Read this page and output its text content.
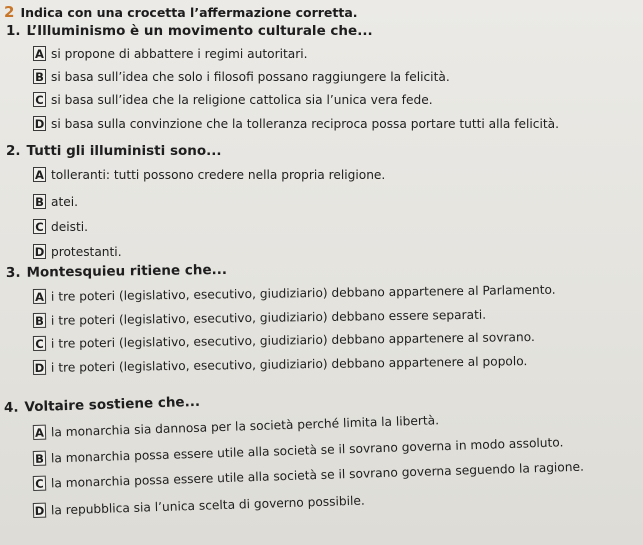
2 Indica con una crocetta l’affermazione corretta.
1. L’Illuminismo è un movimento culturale che...
A si propone di abbattere i regimi autoritari.
B si basa sull’idea che solo i filosofi possano raggiungere la felicità.
C si basa sull’idea che la religione cattolica sia l’unica vera fede.
D si basa sulla convinzione che la tolleranza reciproca possa portare tutti alla felicità.
2. Tutti gli illuministi sono...
A tolleranti: tutti possono credere nella propria religione.
B atei.
C deisti.
D protestanti.
3. Montesquieu ritiene che...
A i tre poteri (legislativo, esecutivo, giudiziario) debbano appartenere al Parlamento.
B i tre poteri (legislativo, esecutivo, giudiziario) debbano essere separati.
C i tre poteri (legislativo, esecutivo, giudiziario) debbano appartenere al sovrano.
D i tre poteri (legislativo, esecutivo, giudiziario) debbano appartenere al popolo.
4. Voltaire sostiene che...
A la monarchia sia dannosa per la società perché limita la libertà.
B la monarchia possa essere utile alla società se il sovrano governa in modo assoluto.
C la monarchia possa essere utile alla società se il sovrano governa seguendo la ragione.
D la repubblica sia l’unica scelta di governo possibile.
